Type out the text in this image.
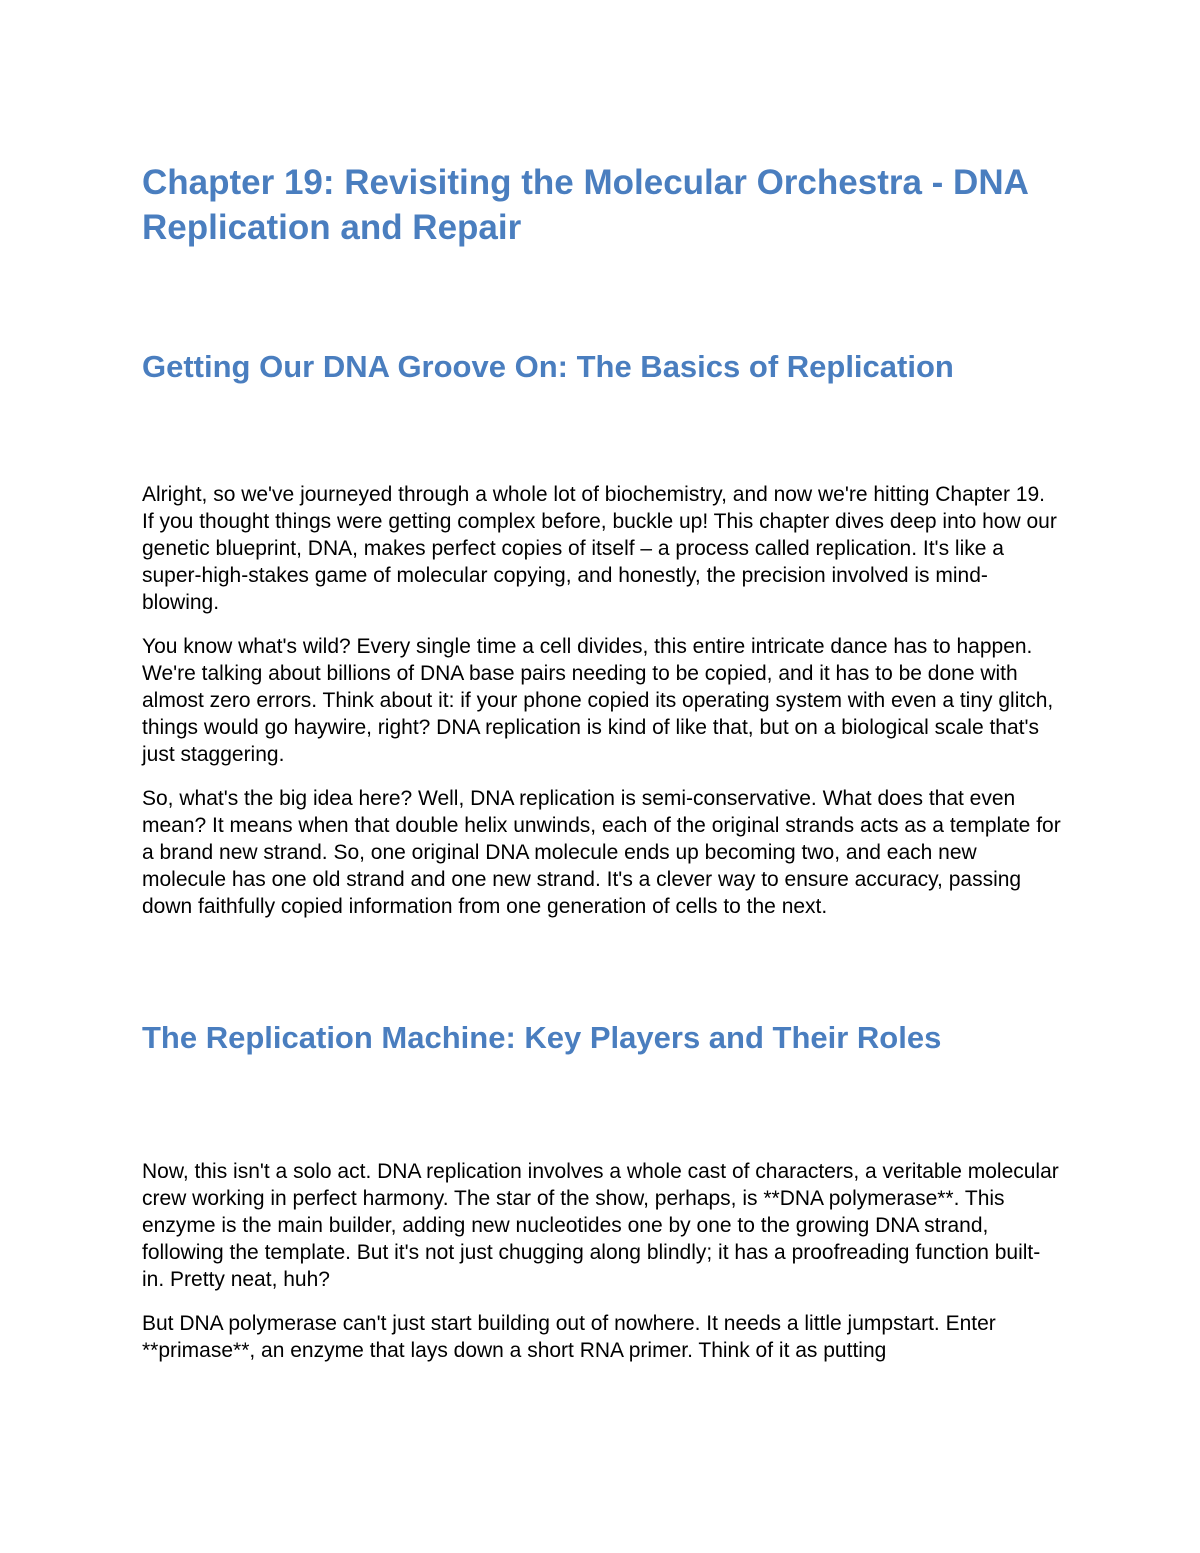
Chapter 19: Revisiting the Molecular Orchestra - DNA Replication and Repair
Getting Our DNA Groove On: The Basics of Replication

Alright, so we've journeyed through a whole lot of biochemistry, and now we're hitting Chapter 19. If you thought things were getting complex before, buckle up! This chapter dives deep into how our genetic blueprint, DNA, makes perfect copies of itself – a process called replication. It's like a super-high-stakes game of molecular copying, and honestly, the precision involved is mind-blowing.

You know what's wild? Every single time a cell divides, this entire intricate dance has to happen. We're talking about billions of DNA base pairs needing to be copied, and it has to be done with almost zero errors. Think about it: if your phone copied its operating system with even a tiny glitch, things would go haywire, right? DNA replication is kind of like that, but on a biological scale that's just staggering.

So, what's the big idea here? Well, DNA replication is semi-conservative. What does that even mean? It means when that double helix unwinds, each of the original strands acts as a template for a brand new strand. So, one original DNA molecule ends up becoming two, and each new molecule has one old strand and one new strand. It's a clever way to ensure accuracy, passing down faithfully copied information from one generation of cells to the next.

The Replication Machine: Key Players and Their Roles

Now, this isn't a solo act. DNA replication involves a whole cast of characters, a veritable molecular crew working in perfect harmony. The star of the show, perhaps, is **DNA polymerase**. This enzyme is the main builder, adding new nucleotides one by one to the growing DNA strand, following the template. But it's not just chugging along blindly; it has a proofreading function built-in. Pretty neat, huh?

But DNA polymerase can't just start building out of nowhere. It needs a little jumpstart. Enter **primase**, an enzyme that lays down a short RNA primer. Think of it as putting
